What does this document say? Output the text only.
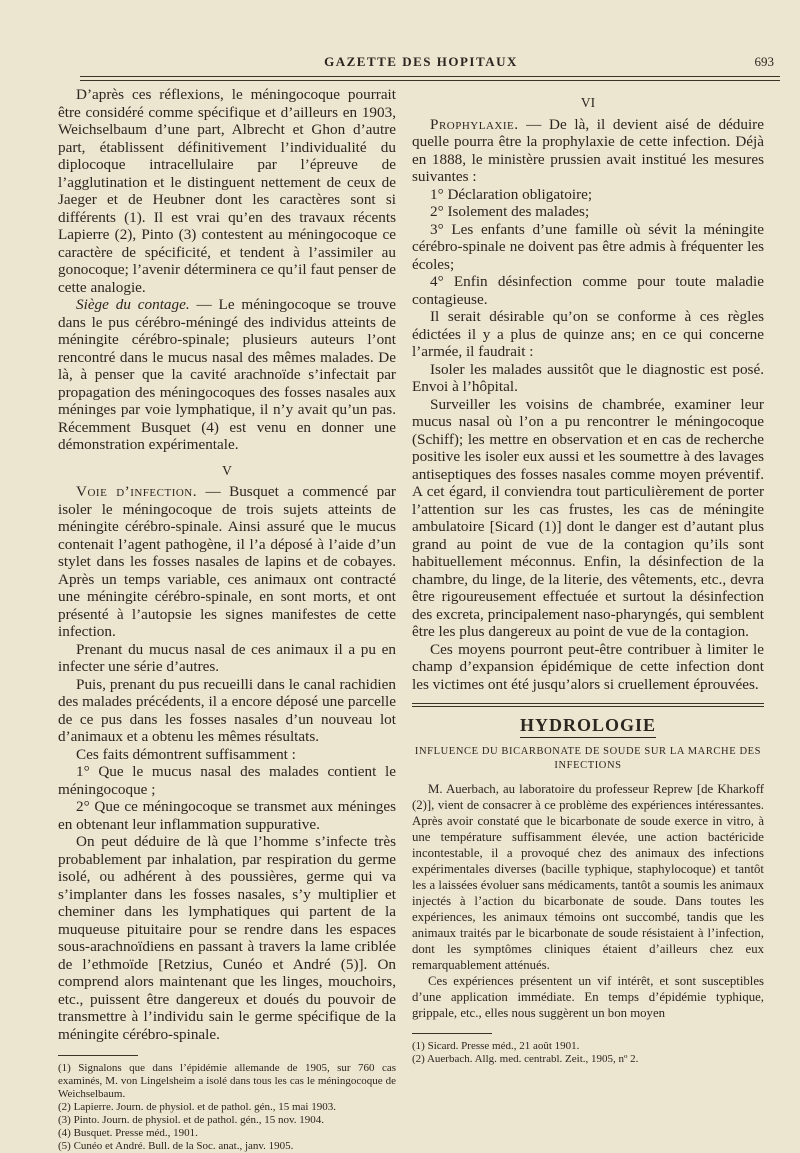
GAZETTE DES HOPITAUX	693

D’après ces réflexions, le méningocoque pourrait être considéré comme spécifique et d’ailleurs en 1903, Weichselbaum d’une part, Albrecht et Ghon d’autre part, établissent définitivement l’individualité du diplocoque intracellulaire par l’épreuve de l’agglutination et le distinguent nettement de ceux de Jaeger et de Heubner dont les caractères sont si différents (1). Il est vrai qu’en des travaux récents Lapierre (2), Pinto (3) contestent au méningocoque ce caractère de spécificité, et tendent à l’assimiler au gonocoque; l’avenir déterminera ce qu’il faut penser de cette analogie.

Siège du contage. — Le méningocoque se trouve dans le pus cérébro-méningé des individus atteints de méningite cérébro-spinale; plusieurs auteurs l’ont rencontré dans le mucus nasal des mêmes malades. De là, à penser que la cavité arachnoïde s’infectait par propagation des méningocoques des fosses nasales aux méninges par voie lymphatique, il n’y avait qu’un pas. Récemment Busquet (4) est venu en donner une démonstration expérimentale.

V

Voie d’infection. — Busquet a commencé par isoler le méningocoque de trois sujets atteints de méningite cérébro-spinale. Ainsi assuré que le mucus contenait l’agent pathogène, il l’a déposé à l’aide d’un stylet dans les fosses nasales de lapins et de cobayes. Après un temps variable, ces animaux ont contracté une méningite cérébro-spinale, en sont morts, et ont présenté à l’autopsie les signes manifestes de cette infection.

Prenant du mucus nasal de ces animaux il a pu en infecter une série d’autres.

Puis, prenant du pus recueilli dans le canal rachidien des malades précédents, il a encore déposé une parcelle de ce pus dans les fosses nasales d’un nouveau lot d’animaux et a obtenu les mêmes résultats.

Ces faits démontrent suffisamment :

1° Que le mucus nasal des malades contient le méningocoque ;

2° Que ce méningocoque se transmet aux méninges en obtenant leur inflammation suppurative.

On peut déduire de là que l’homme s’infecte très probablement par inhalation, par respiration du germe isolé, ou adhérent à des poussières, germe qui va s’implanter dans les fosses nasales, s’y multiplier et cheminer dans les lymphatiques qui partent de la muqueuse pituitaire pour se rendre dans les espaces sous-arachnoïdiens en passant à travers la lame criblée de l’ethmoïde [Retzius, Cunéo et André (5)]. On comprend alors maintenant que les linges, mouchoirs, etc., puissent être dangereux et doués du pouvoir de transmettre à l’individu sain le germe spécifique de la méningite cérébro-spinale.

(1) Signalons que dans l’épidémie allemande de 1905, sur 760 cas examinés, M. von Lingelsheim a isolé dans tous les cas le méningocoque de Weichselbaum.

(2) Lapierre. Journ. de physiol. et de pathol. gén., 15 mai 1903.

(3) Pinto. Journ. de physiol. et de pathol. gén., 15 nov. 1904.

(4) Busquet. Presse méd., 1901.

(5) Cunéo et André. Bull. de la Soc. anat., janv. 1905.

VI

Prophylaxie. — De là, il devient aisé de déduire quelle pourra être la prophylaxie de cette infection. Déjà en 1888, le ministère prussien avait institué les mesures suivantes :

1° Déclaration obligatoire;

2° Isolement des malades;

3° Les enfants d’une famille où sévit la méningite cérébro-spinale ne doivent pas être admis à fréquenter les écoles;

4° Enfin désinfection comme pour toute maladie contagieuse.

Il serait désirable qu’on se conforme à ces règles édictées il y a plus de quinze ans; en ce qui concerne l’armée, il faudrait :

Isoler les malades aussitôt que le diagnostic est posé. Envoi à l’hôpital.

Surveiller les voisins de chambrée, examiner leur mucus nasal où l’on a pu rencontrer le méningocoque (Schiff); les mettre en observation et en cas de recherche positive les isoler eux aussi et les soumettre à des lavages antiseptiques des fosses nasales comme moyen préventif. A cet égard, il conviendra tout particulièrement de porter l’attention sur les cas frustes, les cas de méningite ambulatoire [Sicard (1)] dont le danger est d’autant plus grand au point de vue de la contagion qu’ils sont habituellement méconnus. Enfin, la désinfection de la chambre, du linge, de la literie, des vêtements, etc., devra être rigoureusement effectuée et surtout la désinfection des excreta, principalement naso-pharyngés, qui semblent être les plus dangereux au point de vue de la contagion.

Ces moyens pourront peut-être contribuer à limiter le champ d’expansion épidémique de cette infection dont les victimes ont été jusqu’alors si cruellement éprouvées.

HYDROLOGIE
INFLUENCE DU BICARBONATE DE SOUDE SUR LA MARCHE DES INFECTIONS

M. Auerbach, au laboratoire du professeur Reprew [de Kharkoff (2)], vient de consacrer à ce problème des expériences intéressantes. Après avoir constaté que le bicarbonate de soude exerce in vitro, à une température suffisamment élevée, une action bactéricide incontestable, il a provoqué chez des animaux des infections expérimentales diverses (bacille typhique, staphylocoque) et tantôt les a laissées évoluer sans médicaments, tantôt a soumis les animaux injectés à l’action du bicarbonate de soude. Dans toutes les expériences, les animaux témoins ont succombé, tandis que les animaux traités par le bicarbonate de soude résistaient à l’infection, dont les symptômes cliniques étaient d’ailleurs chez eux remarquablement atténués.

Ces expériences présentent un vif intérêt, et sont susceptibles d’une application immédiate. En temps d’épidémie typhique, grippale, etc., elles nous suggèrent un bon moyen

(1) Sicard. Presse méd., 21 août 1901.

(2) Auerbach. Allg. med. centrabl. Zeit., 1905, nº 2.
